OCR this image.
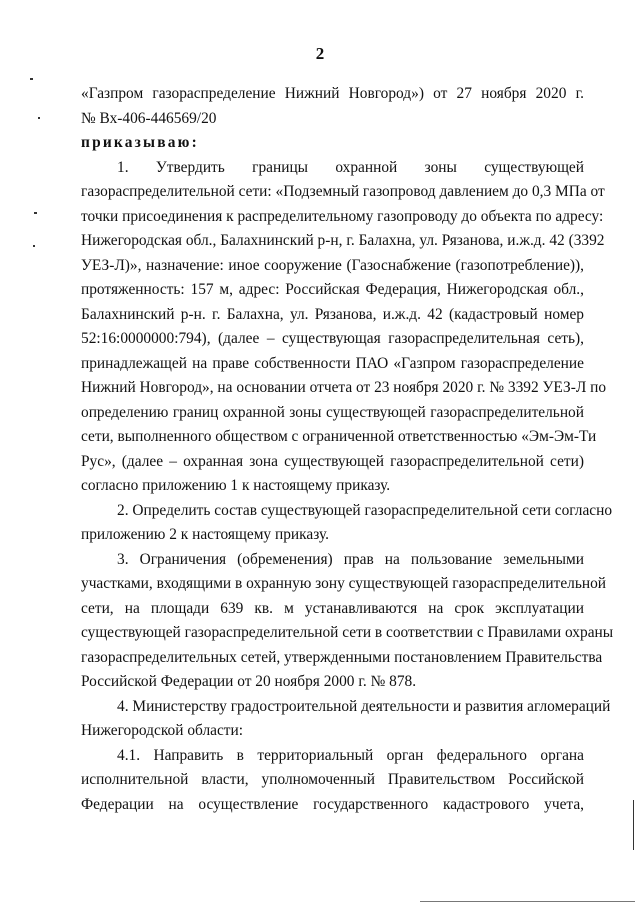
2
«Газпром газораспределение Нижний Новгород») от 27 ноября 2020 г.
№ Вх-406-446569/20
приказываю:
1. Утвердить границы охранной зоны существующей
газораспределительной сети: «Подземный газопровод давлением до 0,3 МПа от
точки присоединения к распределительному газопроводу до объекта по адресу:
Нижегородская обл., Балахнинский р-н, г. Балахна, ул. Рязанова, и.ж.д. 42 (3392
УЕЗ-Л)», назначение: иное сооружение (Газоснабжение (газопотребление)),
протяженность: 157 м, адрес: Российская Федерация, Нижегородская обл.,
Балахнинский р-н. г. Балахна, ул. Рязанова, и.ж.д. 42 (кадастровый номер
52:16:0000000:794), (далее – существующая газораспределительная сеть),
принадлежащей на праве собственности ПАО «Газпром газораспределение
Нижний Новгород», на основании отчета от 23 ноября 2020 г. № 3392 УЕЗ-Л по
определению границ охранной зоны существующей газораспределительной
сети, выполненного обществом с ограниченной ответственностью «Эм-Эм-Ти
Рус», (далее – охранная зона существующей газораспределительной сети)
согласно приложению 1 к настоящему приказу.
2. Определить состав существующей газораспределительной сети согласно
приложению 2 к настоящему приказу.
3. Ограничения (обременения) прав на пользование земельными
участками, входящими в охранную зону существующей газораспределительной
сети, на площади 639 кв. м устанавливаются на срок эксплуатации
существующей газораспределительной сети в соответствии с Правилами охраны
газораспределительных сетей, утвержденными постановлением Правительства
Российской Федерации от 20 ноября 2000 г. № 878.
4. Министерству градостроительной деятельности и развития агломераций
Нижегородской области:
4.1. Направить в территориальный орган федерального органа
исполнительной власти, уполномоченный Правительством Российской
Федерации на осуществление государственного кадастрового учета,
